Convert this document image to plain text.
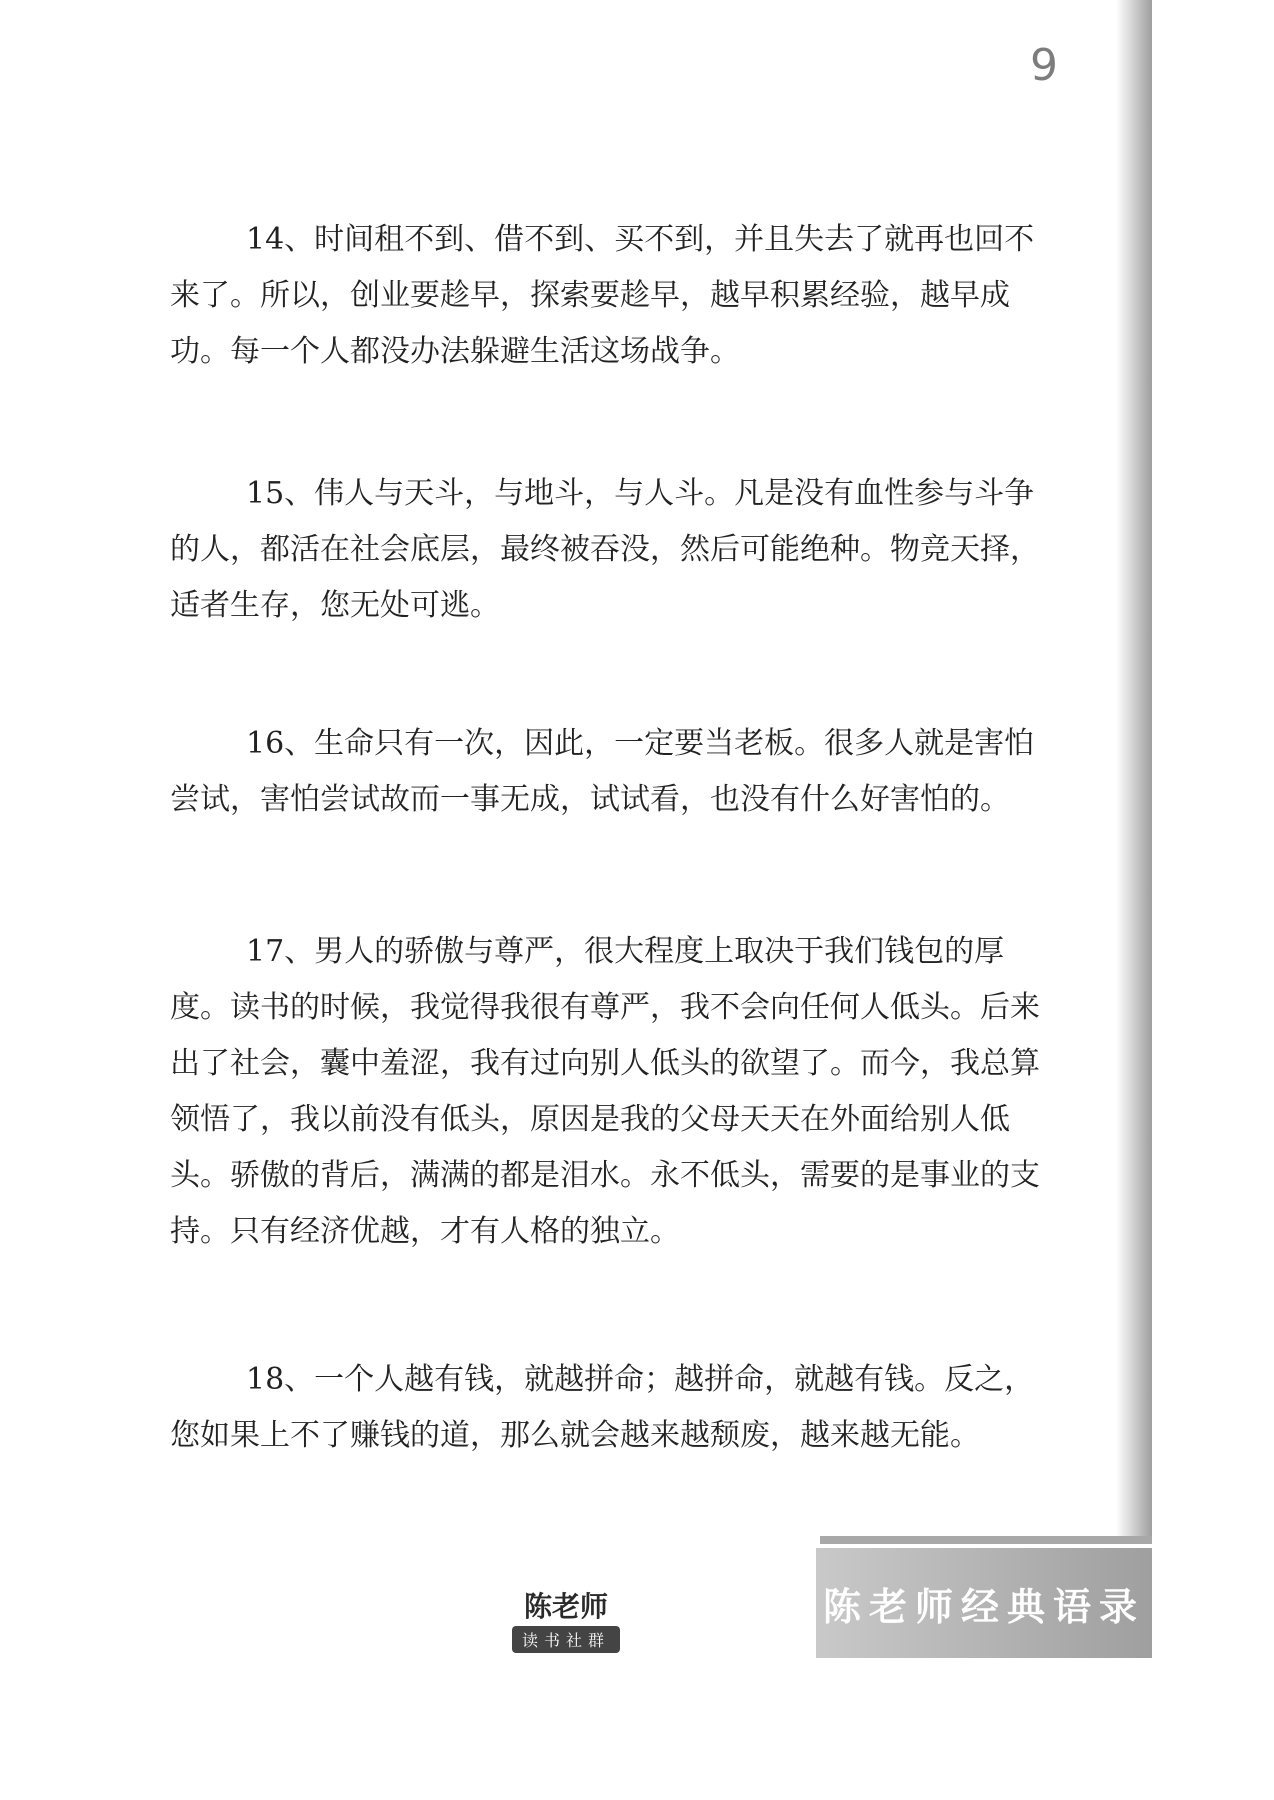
9

14、时间租不到、借不到、买不到，并且失去了就再也回不来了。所以，创业要趁早，探索要趁早，越早积累经验，越早成功。每一个人都没办法躲避生活这场战争。

15、伟人与天斗，与地斗，与人斗。凡是没有血性参与斗争的人，都活在社会底层，最终被吞没，然后可能绝种。物竞天择，适者生存，您无处可逃。

16、生命只有一次，因此，一定要当老板。很多人就是害怕尝试，害怕尝试故而一事无成，试试看，也没有什么好害怕的。

17、男人的骄傲与尊严，很大程度上取决于我们钱包的厚度。读书的时候，我觉得我很有尊严，我不会向任何人低头。后来出了社会，囊中羞涩，我有过向别人低头的欲望了。而今，我总算领悟了，我以前没有低头，原因是我的父母天天在外面给别人低头。骄傲的背后，满满的都是泪水。永不低头，需要的是事业的支持。只有经济优越，才有人格的独立。

18、一个人越有钱，就越拼命；越拼命，就越有钱。反之，您如果上不了赚钱的道，那么就会越来越颓废，越来越无能。

陈老师
读书社群
陈老师经典语录
